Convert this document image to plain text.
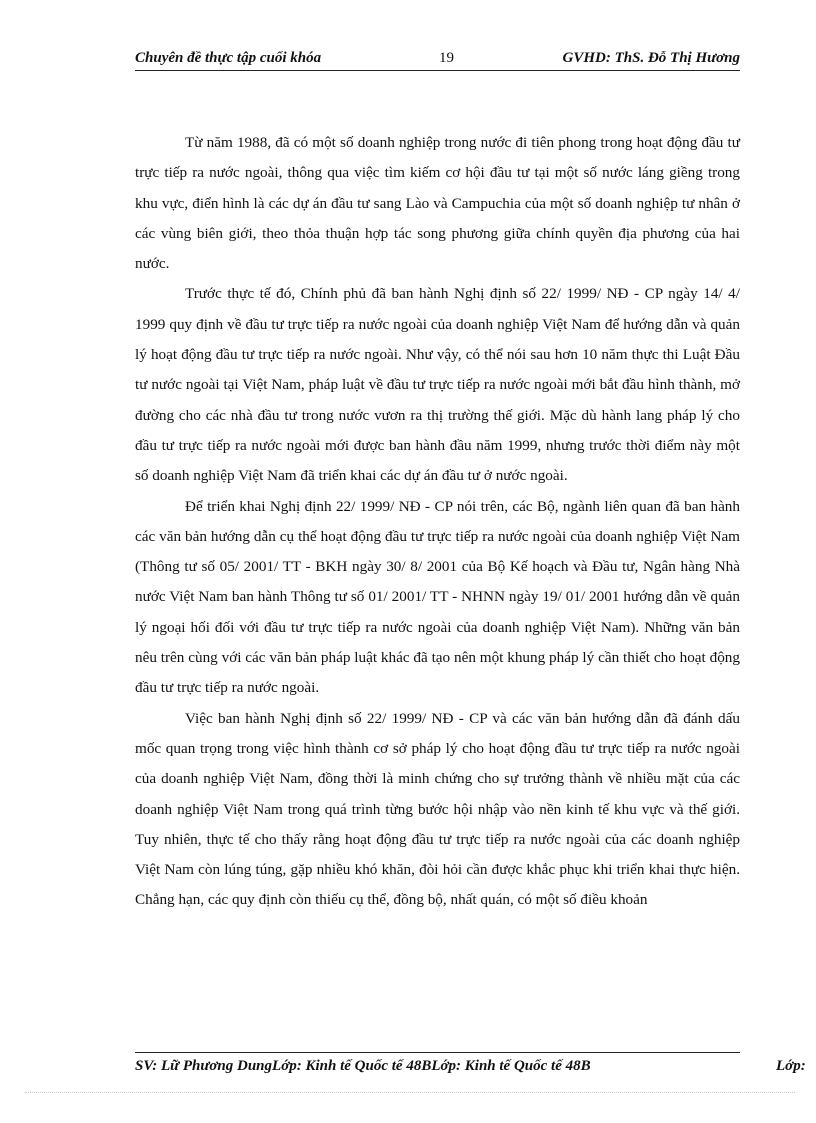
Chuyên đề thực tập cuối khóa	19	GVHD: ThS. Đỗ Thị Hương

Từ năm 1988, đã có một số doanh nghiệp trong nước đi tiên phong trong hoạt động đầu tư trực tiếp ra nước ngoài, thông qua việc tìm kiếm cơ hội đầu tư tại một số nước láng giềng trong khu vực, điển hình là các dự án đầu tư sang Lào và Campuchia của một số doanh nghiệp tư nhân ở các vùng biên giới, theo thỏa thuận hợp tác song phương giữa chính quyền địa phương của hai nước.

Trước thực tế đó, Chính phủ đã ban hành Nghị định số 22/ 1999/ NĐ - CP ngày 14/ 4/ 1999 quy định về đầu tư trực tiếp ra nước ngoài của doanh nghiệp Việt Nam để hướng dẫn và quản lý hoạt động đầu tư trực tiếp ra nước ngoài. Như vậy, có thể nói sau hơn 10 năm thực thi Luật Đầu tư nước ngoài tại Việt Nam, pháp luật về đầu tư trực tiếp ra nước ngoài mới bắt đầu hình thành, mở đường cho các nhà đầu tư trong nước vươn ra thị trường thế giới. Mặc dù hành lang pháp lý cho đầu tư trực tiếp ra nước ngoài mới được ban hành đầu năm 1999, nhưng trước thời điểm này một số doanh nghiệp Việt Nam đã triển khai các dự án đầu tư ở nước ngoài.

Để triển khai Nghị định 22/ 1999/ NĐ - CP nói trên, các Bộ, ngành liên quan đã ban hành các văn bản hướng dẫn cụ thể hoạt động đầu tư trực tiếp ra nước ngoài của doanh nghiệp Việt Nam (Thông tư số 05/ 2001/ TT - BKH ngày 30/ 8/ 2001 của Bộ Kế hoạch và Đầu tư, Ngân hàng Nhà nước Việt Nam ban hành Thông tư số 01/ 2001/ TT - NHNN ngày 19/ 01/ 2001 hướng dẫn về quản lý ngoại hối đối với đầu tư trực tiếp ra nước ngoài của doanh nghiệp Việt Nam). Những văn bản nêu trên cùng với các văn bản pháp luật khác đã tạo nên một khung pháp lý cần thiết cho hoạt động đầu tư trực tiếp ra nước ngoài.

Việc ban hành Nghị định số 22/ 1999/ NĐ - CP và các văn bản hướng dẫn đã đánh dấu mốc quan trọng trong việc hình thành cơ sở pháp lý cho hoạt động đầu tư trực tiếp ra nước ngoài của doanh nghiệp Việt Nam, đồng thời là minh chứng cho sự trưởng thành về nhiều mặt của các doanh nghiệp Việt Nam trong quá trình từng bước hội nhập vào nền kinh tế khu vực và thế giới. Tuy nhiên, thực tế cho thấy rằng hoạt động đầu tư trực tiếp ra nước ngoài của các doanh nghiệp Việt Nam còn lúng túng, gặp nhiều khó khăn, đòi hỏi cần được khắc phục khi triển khai thực hiện. Chẳng hạn, các quy định còn thiếu cụ thể, đồng bộ, nhất quán, có một số điều khoản

SV: Lữ Phương DungLớp: Kinh tế Quốc tế 48BLớp: Kinh tế Quốc tế 48B	Lớp:
